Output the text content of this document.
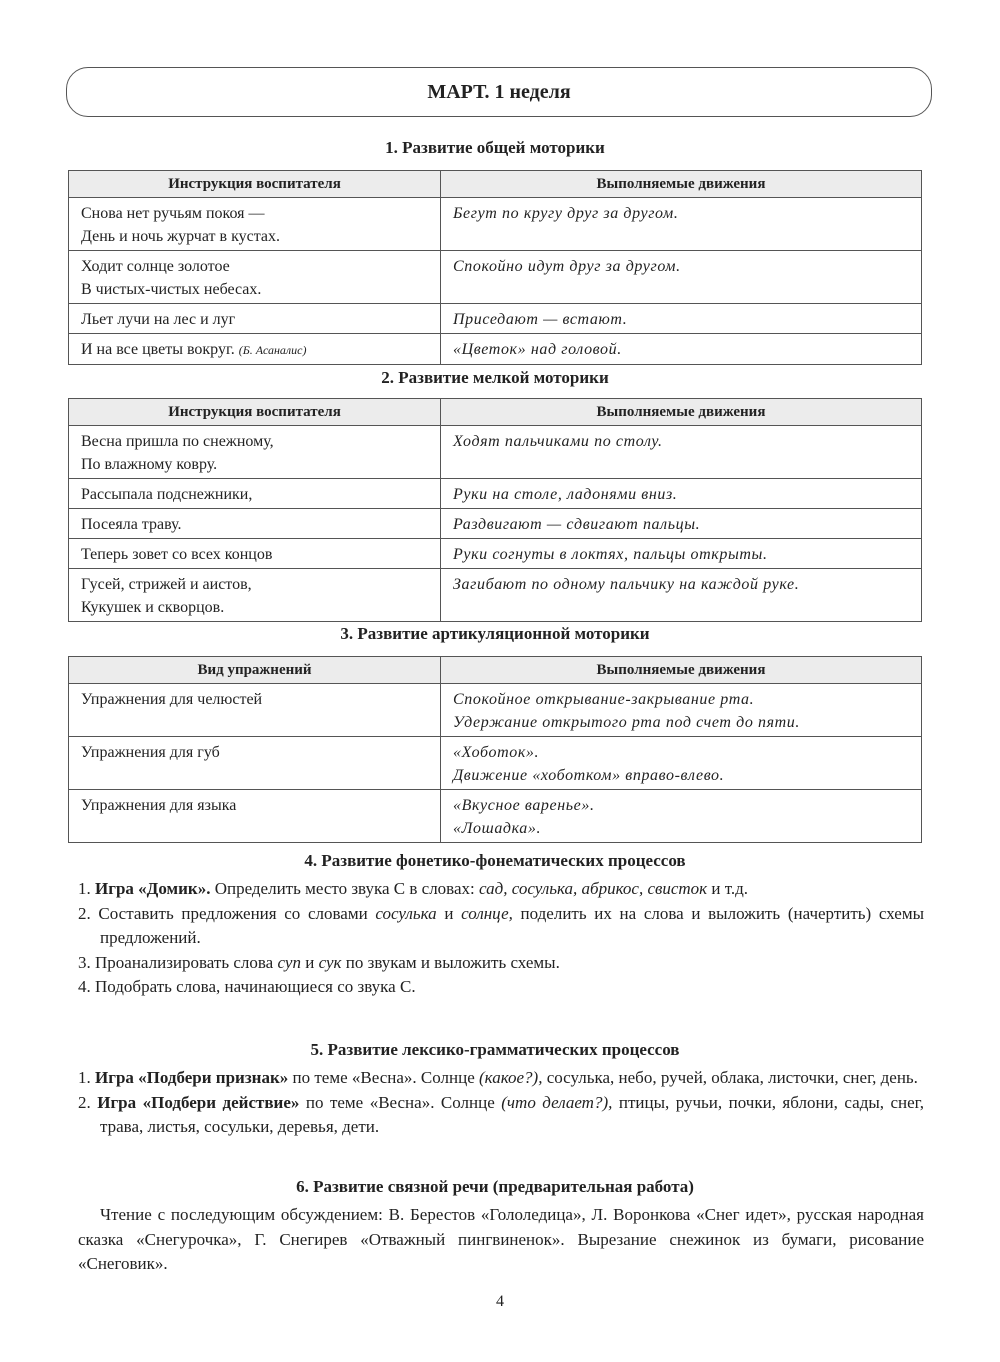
МАРТ. 1 неделя
1. Развитие общей моторики
Инструкция воспитателя	Выполняемые движения
Снова нет ручьям покоя —
День и ночь журчат в кустах.	Бегут по кругу друг за другом.
Ходит солнце золотое
В чистых-чистых небесах.	Спокойно идут друг за другом.
Льет лучи на лес и луг	Приседают — встают.
И на все цветы вокруг. (Б. Асаналис)	«Цветок» над головой.
2. Развитие мелкой моторики
Инструкция воспитателя	Выполняемые движения
Весна пришла по снежному,
По влажному ковру.	Ходят пальчиками по столу.
Рассыпала подснежники,	Руки на столе, ладонями вниз.
Посеяла траву.	Раздвигают — сдвигают пальцы.
Теперь зовет со всех концов	Руки согнуты в локтях, пальцы открыты.
Гусей, стрижей и аистов,
Кукушек и скворцов.	Загибают по одному пальчику на каждой руке.
3. Развитие артикуляционной моторики
Вид упражнений	Выполняемые движения
Упражнения для челюстей	Спокойное открывание-закрывание рта.
Удержание открытого рта под счет до пяти.
Упражнения для губ	«Хоботок».
Движение «хоботком» вправо-влево.
Упражнения для языка	«Вкусное варенье».
«Лошадка».
4. Развитие фонетико-фонематических процессов
1. Игра «Домик». Определить место звука С в словах: сад, сосулька, абрикос, свисток и т.д.
2. Составить предложения со словами сосулька и солнце, поделить их на слова и выложить (начертить) схемы предложений.
3. Проанализировать слова суп и сук по звукам и выложить схемы.
4. Подобрать слова, начинающиеся со звука С.
5. Развитие лексико-грамматических процессов
1. Игра «Подбери признак» по теме «Весна». Солнце (какое?), сосулька, небо, ручей, облака, листочки, снег, день.
2. Игра «Подбери действие» по теме «Весна». Солнце (что делает?), птицы, ручьи, почки, яблони, сады, снег, трава, листья, сосульки, деревья, дети.
6. Развитие связной речи (предварительная работа)
Чтение с последующим обсуждением: В. Берестов «Гололедица», Л. Воронкова «Снег идет», русская народная сказка «Снегурочка», Г. Снегирев «Отважный пингвиненок». Вырезание снежинок из бумаги, рисование «Снеговик».
4
